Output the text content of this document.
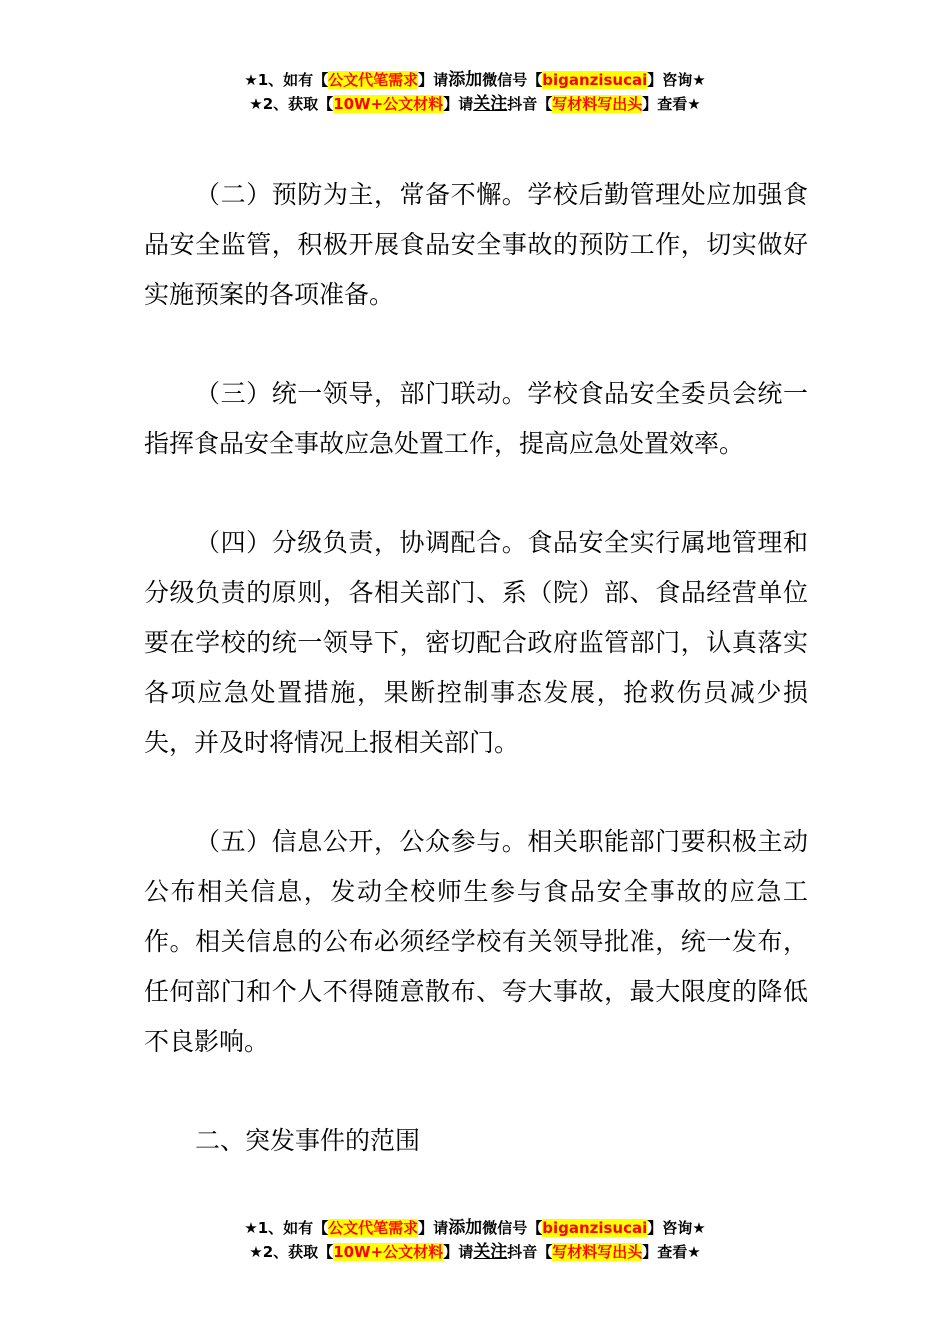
★1、如有【公文代笔需求】请添加微信号【biganzisucai】咨询★
★2、获取【10W+公文材料】请关注抖音【写材料写出头】查看★

（二）预防为主，常备不懈。学校后勤管理处应加强食品安全监管，积极开展食品安全事故的预防工作，切实做好实施预案的各项准备。

（三）统一领导，部门联动。学校食品安全委员会统一指挥食品安全事故应急处置工作，提高应急处置效率。

（四）分级负责，协调配合。食品安全实行属地管理和分级负责的原则，各相关部门、系（院）部、食品经营单位要在学校的统一领导下，密切配合政府监管部门，认真落实各项应急处置措施，果断控制事态发展，抢救伤员减少损失，并及时将情况上报相关部门。

（五）信息公开，公众参与。相关职能部门要积极主动公布相关信息，发动全校师生参与食品安全事故的应急工作。相关信息的公布必须经学校有关领导批准，统一发布，任何部门和个人不得随意散布、夸大事故，最大限度的降低不良影响。

二、突发事件的范围

★1、如有【公文代笔需求】请添加微信号【biganzisucai】咨询★
★2、获取【10W+公文材料】请关注抖音【写材料写出头】查看★
